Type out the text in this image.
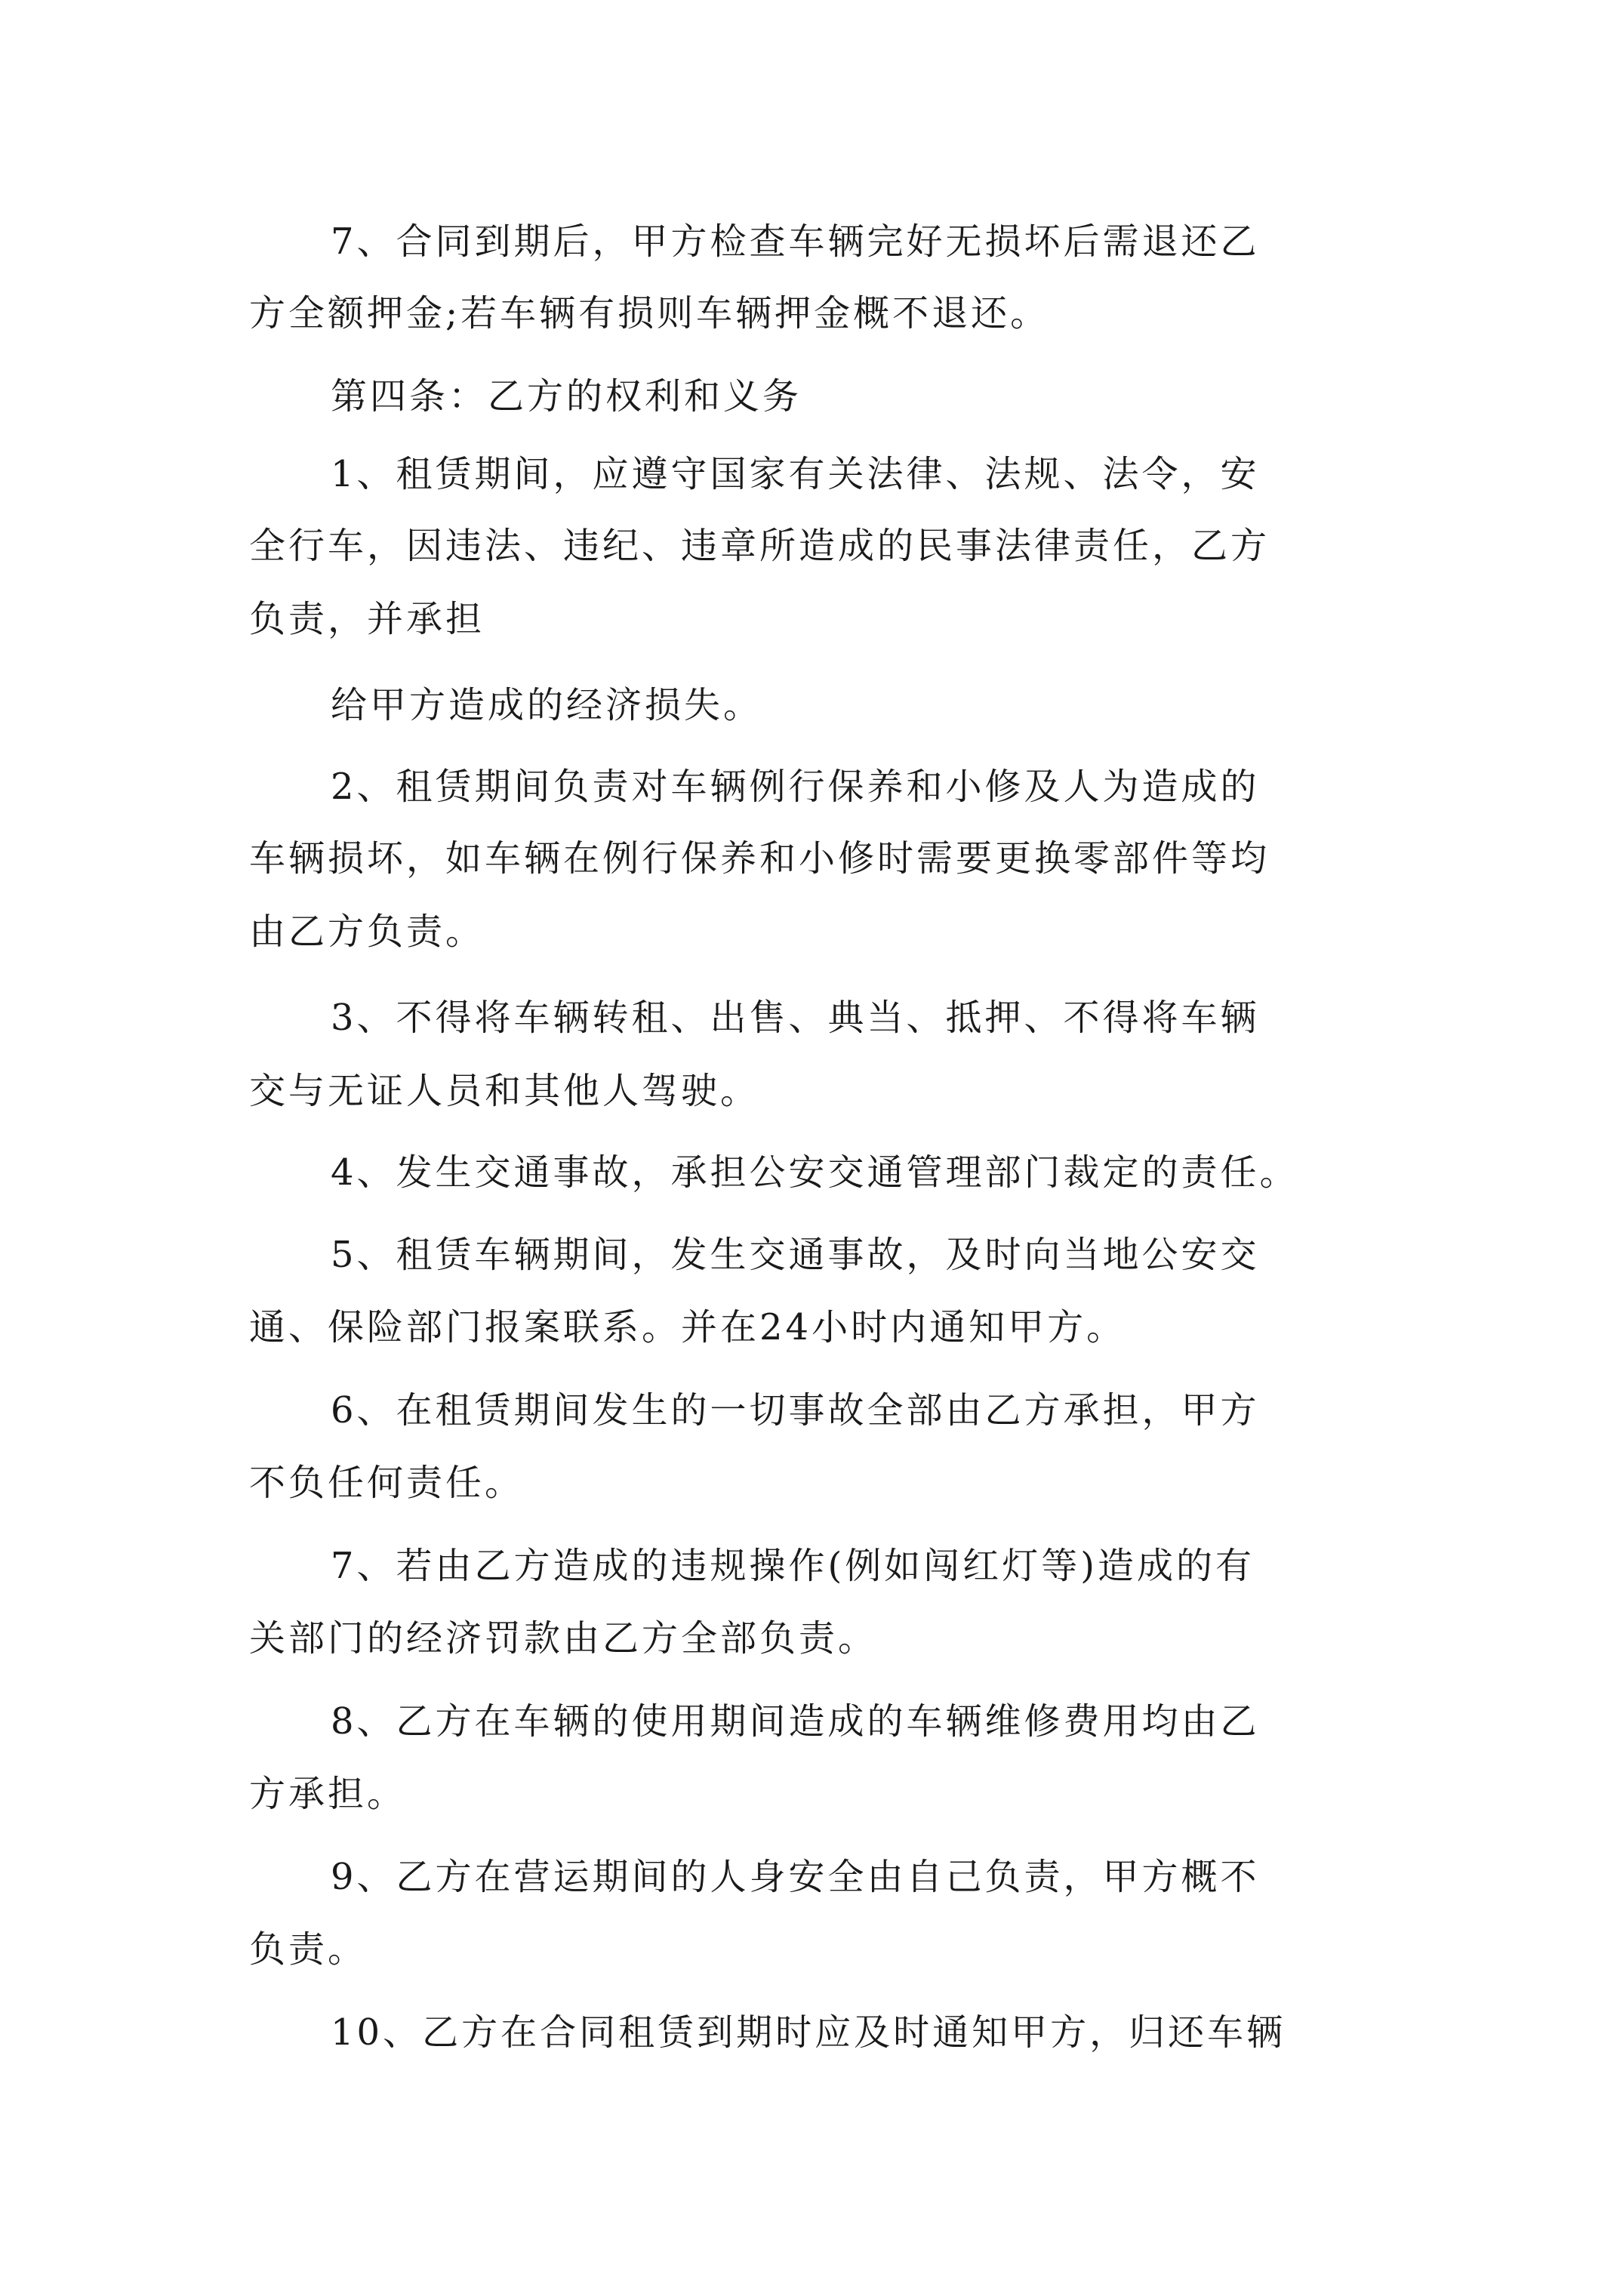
7、合同到期后，甲方检查车辆完好无损坏后需退还乙

方全额押金;若车辆有损则车辆押金概不退还。

第四条：乙方的权利和义务

1、租赁期间，应遵守国家有关法律、法规、法令，安

全行车，因违法、违纪、违章所造成的民事法律责任，乙方

负责，并承担

给甲方造成的经济损失。

2、租赁期间负责对车辆例行保养和小修及人为造成的

车辆损坏，如车辆在例行保养和小修时需要更换零部件等均

由乙方负责。

3、不得将车辆转租、出售、典当、抵押、不得将车辆

交与无证人员和其他人驾驶。

4、发生交通事故，承担公安交通管理部门裁定的责任。

5、租赁车辆期间，发生交通事故，及时向当地公安交

通、保险部门报案联系。并在24小时内通知甲方。

6、在租赁期间发生的一切事故全部由乙方承担，甲方

不负任何责任。

7、若由乙方造成的违规操作(例如闯红灯等)造成的有

关部门的经济罚款由乙方全部负责。

8、乙方在车辆的使用期间造成的车辆维修费用均由乙

方承担。

9、乙方在营运期间的人身安全由自己负责，甲方概不

负责。

10、乙方在合同租赁到期时应及时通知甲方，归还车辆
